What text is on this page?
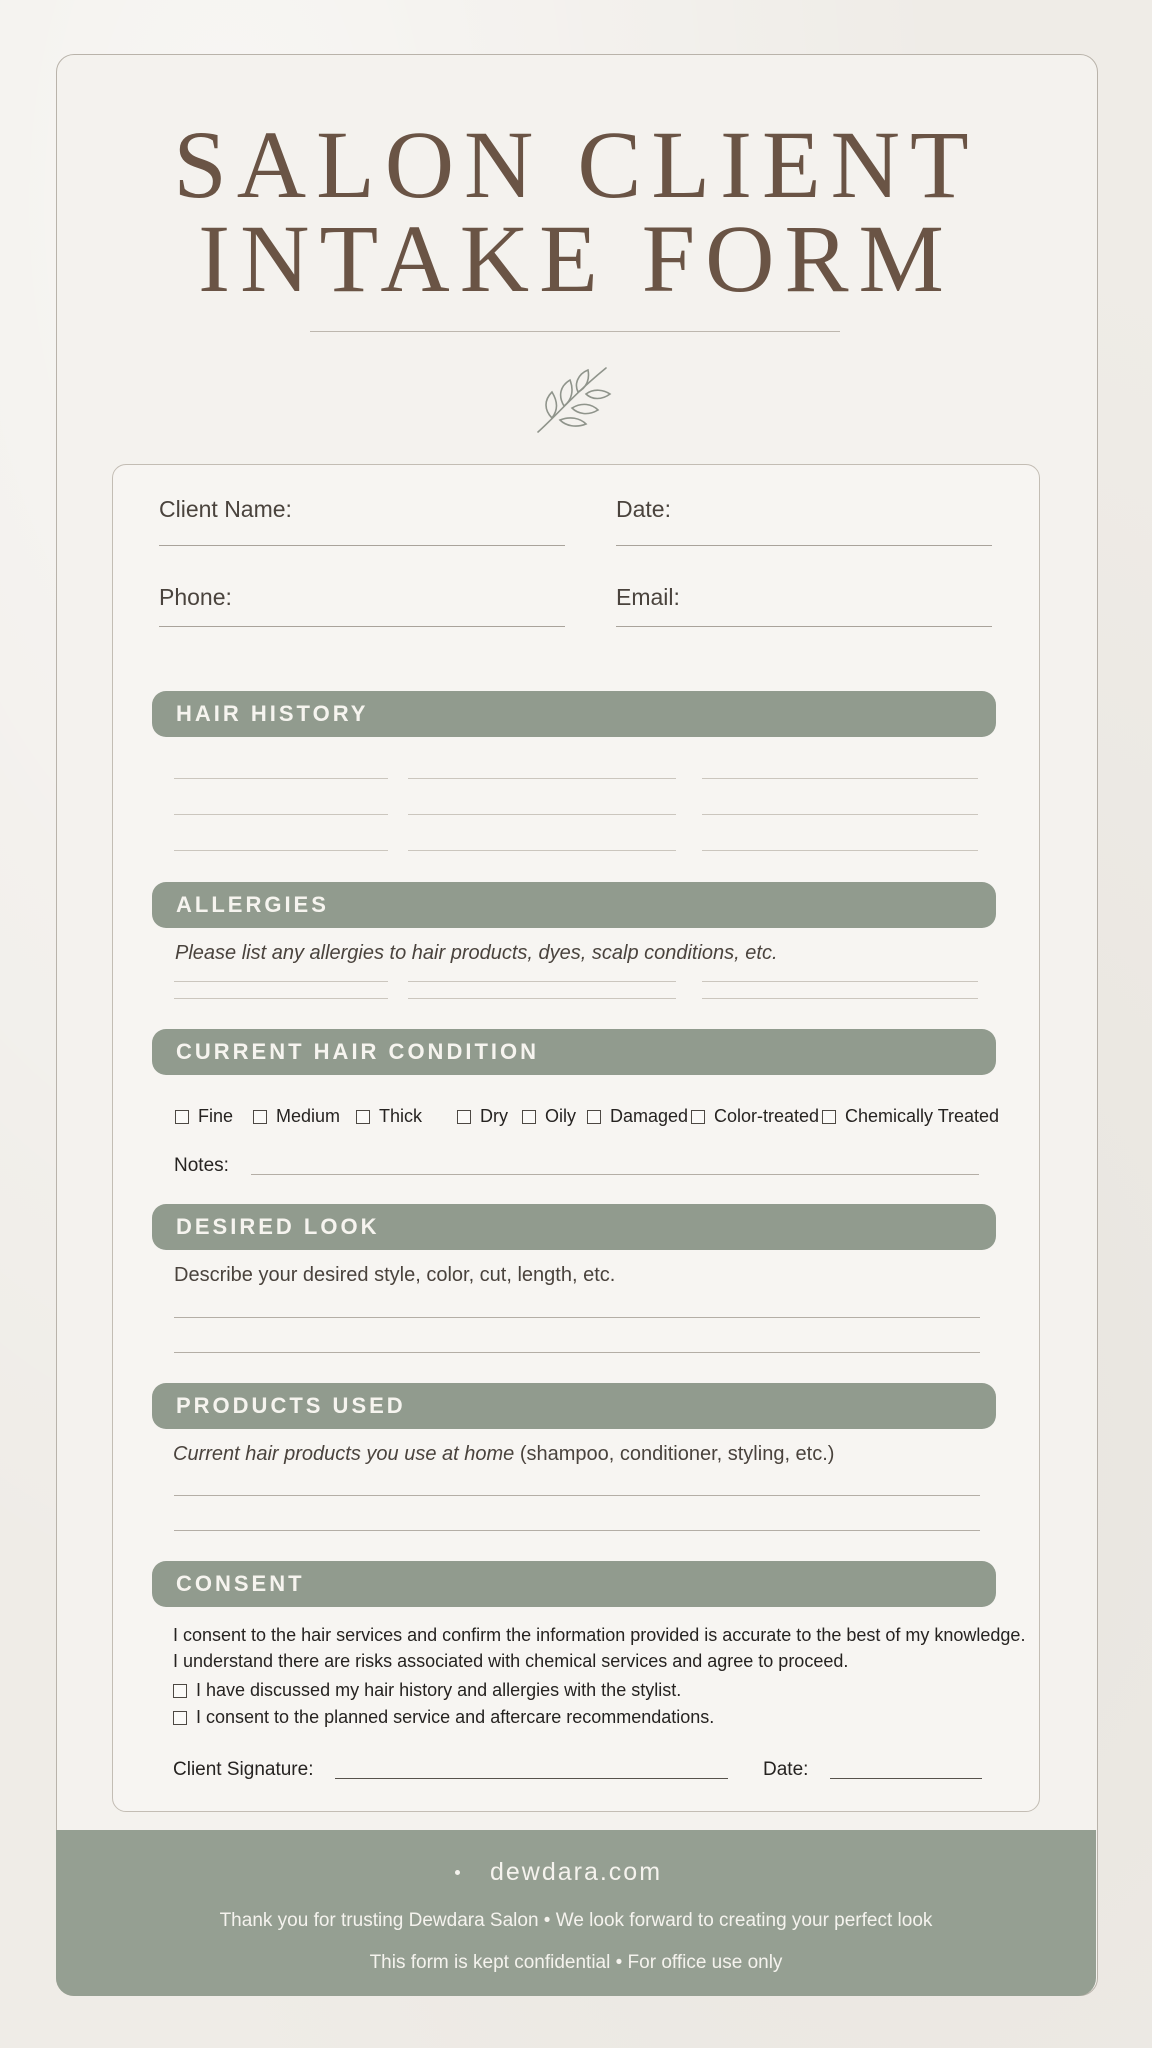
SALON CLIENT
INTAKE FORM
Client Name:	Date:
Phone:	Email:
HAIR HISTORY
ALLERGIES
Please list any allergies to hair products, dyes, scalp conditions, etc.
CURRENT HAIR CONDITION
Fine Medium Thick	Dry Oily Damaged Color-treated Chemically Treated
Notes:
DESIRED LOOK
Describe your desired style, color, cut, length, etc.
PRODUCTS USED
Current hair products you use at home (shampoo, conditioner, styling, etc.)
CONSENT
I consent to the hair services and confirm the information provided is accurate to the best of my knowledge.
I understand there are risks associated with chemical services and agree to proceed.
I have discussed my hair history and allergies with the stylist.
I consent to the planned service and aftercare recommendations.
Client Signature:	Date:
dewdara.com
Thank you for trusting Dewdara Salon • We look forward to creating your perfect look
This form is kept confidential • For office use only
